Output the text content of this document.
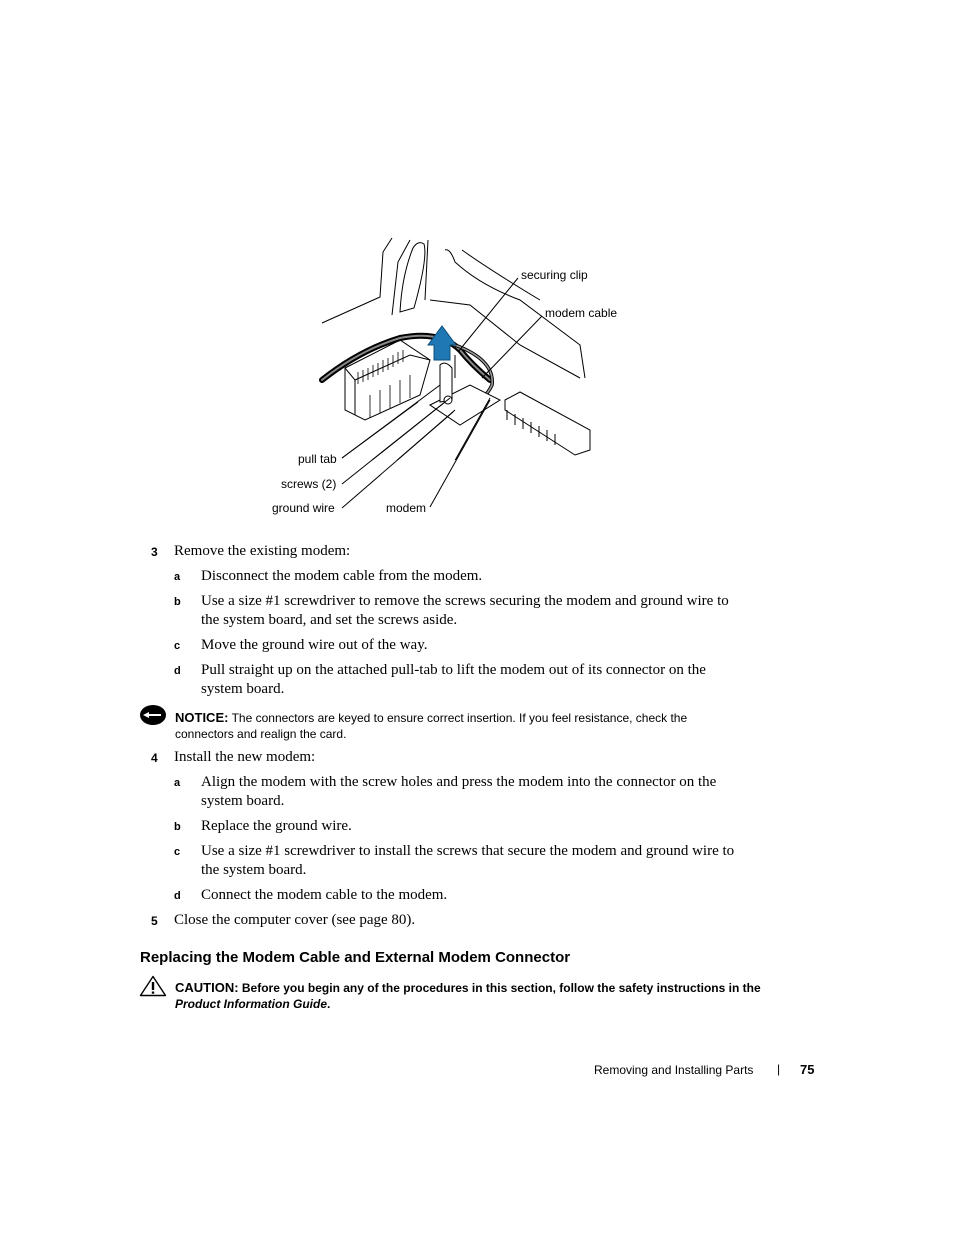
securing clip
modem cable
pull tab
screws (2)
ground wire	modem
3 Remove the existing modem:
a Disconnect the modem cable from the modem.
b Use a size #1 screwdriver to remove the screws securing the modem and ground wire to
the system board, and set the screws aside.
c Move the ground wire out of the way.
d Pull straight up on the attached pull-tab to lift the modem out of its connector on the
system board.
NOTICE: The connectors are keyed to ensure correct insertion. If you feel resistance, check the
connectors and realign the card.
4 Install the new modem:
a Align the modem with the screw holes and press the modem into the connector on the
system board.
b Replace the ground wire.
c Use a size #1 screwdriver to install the screws that secure the modem and ground wire to
the system board.
d Connect the modem cable to the modem.
5 Close the computer cover (see page 80).
Replacing the Modem Cable and External Modem Connector
CAUTION: Before you begin any of the procedures in this section, follow the safety instructions in the
Product Information Guide.
Removing and Installing Parts | 75
